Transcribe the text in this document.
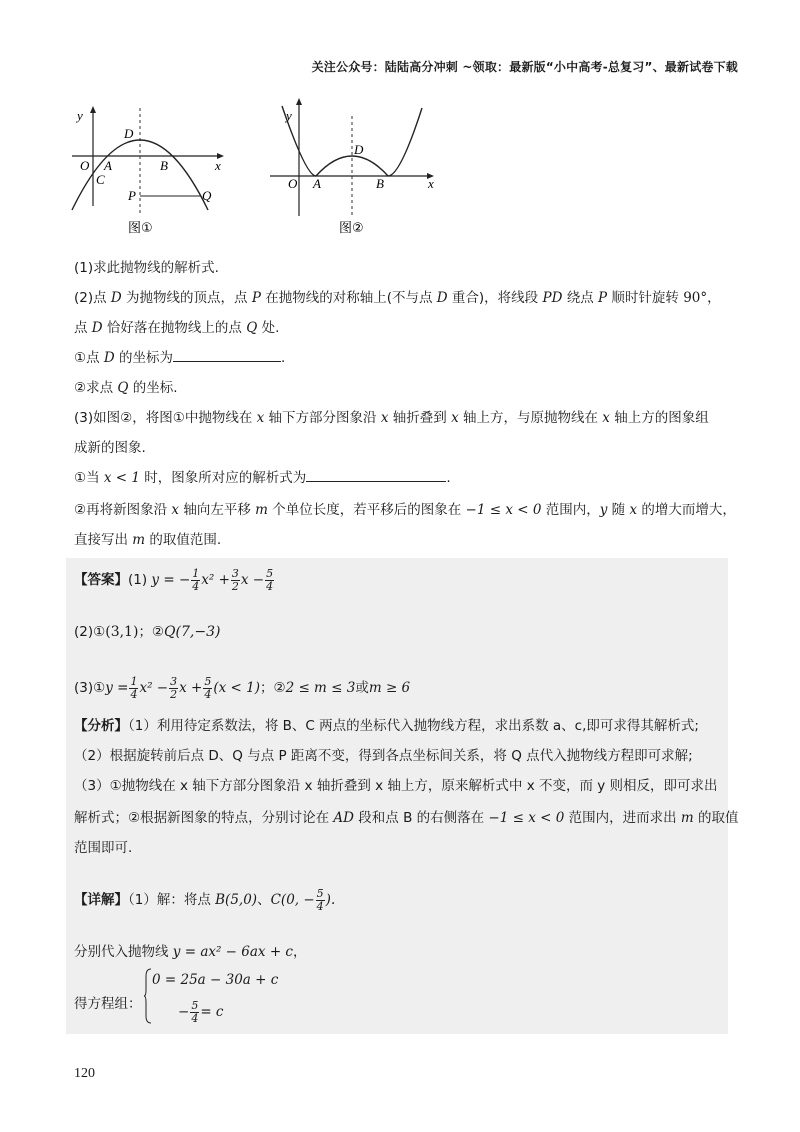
关注公众号：陆陆高分冲刺 ~领取：最新版“小中高考-总复习”、最新试卷下载
y
x
O A	B
C
D
P	Q
图①
y
x
O A	B
D
图②
(1)求此抛物线的解析式.
(2)点 D 为抛物线的顶点，点 P 在抛物线的对称轴上(不与点 D 重合)，将线段 PD 绕点 P 顺时针旋转 90°，
点 D 恰好落在抛物线上的点 Q 处.
①点 D 的坐标为	.
②求点 Q 的坐标.
(3)如图②，将图①中抛物线在 x 轴下方部分图象沿 x 轴折叠到 x 轴上方，与原抛物线在 x 轴上方的图象组
成新的图象.
①当 x < 1 时，图象所对应的解析式为	.
②再将新图象沿 x 轴向左平移 m 个单位长度，若平移后的图象在 −1 ≤ x < 0 范围内，y 随 x 的增大而增大，
直接写出 m 的取值范围.
【答案】(1) y = − $\frac{1}{4} x^2 + \frac{3}{2}$ $x - \frac{5}{4}$
(2)①(3,1)；②Q(7,−3)
(3)①y = $\frac{1}{4} x^2 - \frac{3}{2}$ $x + \frac{5}{4} (x < 1)$；②2 ≤ m ≤ 3或m ≥ 6
【分析】（1）利用待定系数法，将 B、C 两点的坐标代入抛物线方程，求出系数 a、c,即可求得其解析式;
（2）根据旋转前后点 D、Q 与点 P 距离不变，得到各点坐标间关系，将 Q 点代入抛物线方程即可求解;
（3）①抛物线在 x 轴下方部分图象沿 x 轴折叠到 x 轴上方，原来解析式中 x 不变，而 y 则相反，即可求出
解析式；②根据新图象的特点，分别讨论在 AD 段和点 B 的右侧落在 −1 ≤ x < 0 范围内，进而求出 m 的取值
范围即可.
【详解】（1）解：将点 B(5,0)、C(0, − $\frac{5}{4}$ ).
分别代入抛物线 y = ax² − 6ax + c，
得方程组：
0 = 25a − 30a + c
− $\frac{5}{4} = c$
120
